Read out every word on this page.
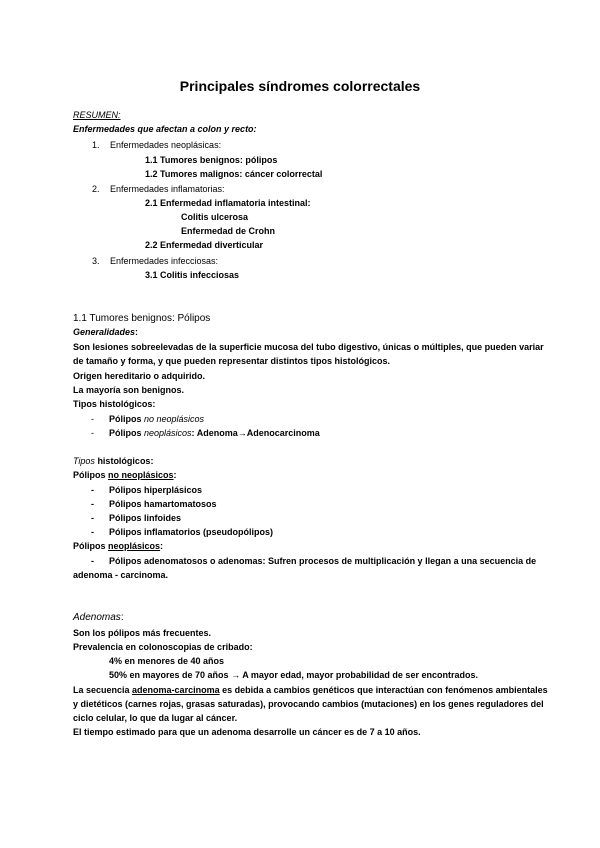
Principales síndromes colorrectales
RESUMEN:
Enfermedades que afectan a colon y recto:
1. Enfermedades neoplásicas:
1.1 Tumores benignos: pólipos
1.2 Tumores malignos: cáncer colorrectal
2. Enfermedades inflamatorias:
2.1 Enfermedad inflamatoria intestinal:
Colitis ulcerosa
Enfermedad de Crohn
2.2 Enfermedad diverticular
3. Enfermedades infecciosas:
3.1 Colitis infecciosas
1.1 Tumores benignos: Pólipos
Generalidades:
Son lesiones sobreelevadas de la superficie mucosa del tubo digestivo, únicas o múltiples, que pueden variar
de tamaño y forma, y que pueden representar distintos tipos histológicos.
Origen hereditario o adquirido.
La mayoría son benignos.
Tipos histológicos:
- Pólipos no neoplásicos
- Pólipos neoplásicos: Adenoma→Adenocarcinoma
Tipos histológicos:
Pólipos no neoplásicos:
- Pólipos hiperplásicos
- Pólipos hamartomatosos
- Pólipos linfoides
- Pólipos inflamatorios (pseudopólipos)
Pólipos neoplásicos:
- Pólipos adenomatosos o adenomas: Sufren procesos de multiplicación y llegan a una secuencia de
adenoma - carcinoma.
Adenomas:
Son los pólipos más frecuentes.
Prevalencia en colonoscopias de cribado:
4% en menores de 40 años
50% en mayores de 70 años → A mayor edad, mayor probabilidad de ser encontrados.
La secuencia adenoma-carcinoma es debida a cambios genéticos que interactúan con fenómenos ambientales
y dietéticos (carnes rojas, grasas saturadas), provocando cambios (mutaciones) en los genes reguladores del
ciclo celular, lo que da lugar al cáncer.
El tiempo estimado para que un adenoma desarrolle un cáncer es de 7 a 10 años.
